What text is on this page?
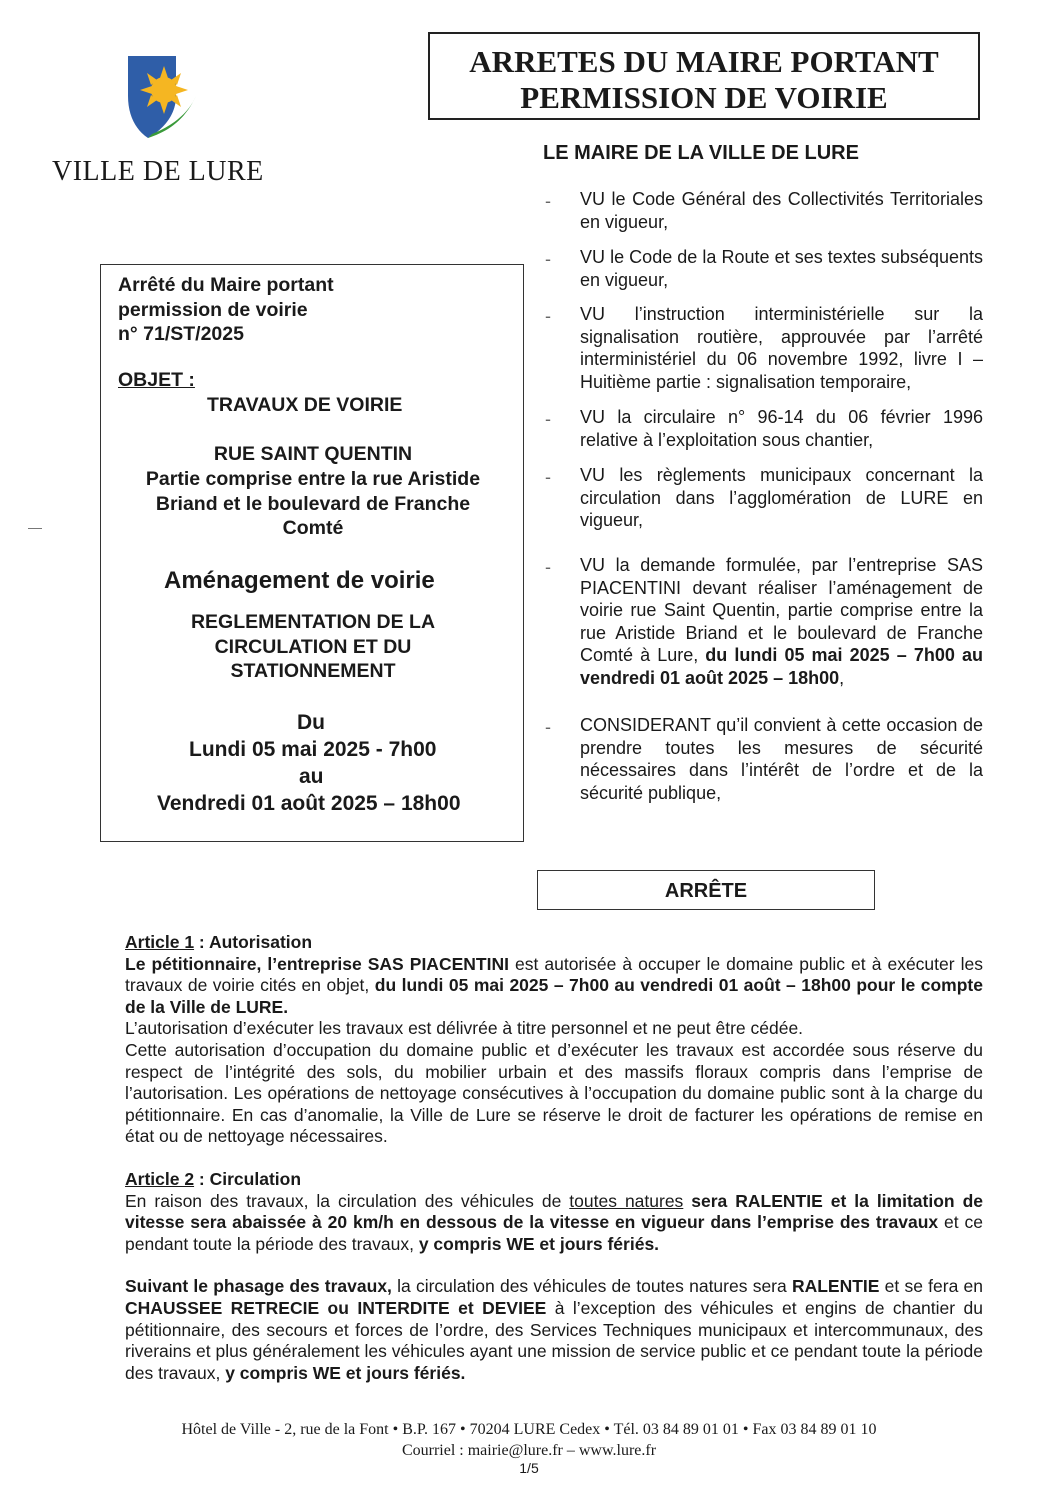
VILLE DE LURE
ARRETES DU MAIRE PORTANT
PERMISSION DE VOIRIE
LE MAIRE DE LA VILLE DE LURE
-	VU le Code Général des Collectivités Territoriales en vigueur,
-	VU le Code de la Route et ses textes subséquents en vigueur,
-	VU l’instruction interministérielle sur la signalisation routière, approuvée par l’arrêté interministériel du 06 novembre 1992, livre I – Huitième partie : signalisation temporaire,
-	VU la circulaire n° 96-14 du 06 février 1996 relative à l’exploitation sous chantier,
-	VU les règlements municipaux concernant la circulation dans l’agglomération de LURE en vigueur,
-	VU la demande formulée, par l’entreprise SAS PIACENTINI devant réaliser l’aménagement de voirie rue Saint Quentin, partie comprise entre la rue Aristide Briand et le boulevard de Franche Comté à Lure, du lundi 05 mai 2025 – 7h00 au vendredi 01 août 2025 – 18h00,
-	CONSIDERANT qu’il convient à cette occasion de prendre toutes les mesures de sécurité nécessaires dans l’intérêt de l’ordre et de la sécurité publique,
Arrêté du Maire portant
permission de voirie
n° 71/ST/2025
OBJET :
TRAVAUX DE VOIRIE
RUE SAINT QUENTIN
Partie comprise entre la rue Aristide
Briand et le boulevard de Franche
Comté
Aménagement de voirie
REGLEMENTATION DE LA
CIRCULATION ET DU
STATIONNEMENT
Du
Lundi 05 mai 2025 - 7h00
au
Vendredi 01 août 2025 – 18h00
ARRÊTE
Article 1 : Autorisation
Le pétitionnaire, l’entreprise SAS PIACENTINI est autorisée à occuper le domaine public et à exécuter les travaux de voirie cités en objet, du lundi 05 mai 2025 – 7h00 au vendredi 01 août – 18h00 pour le compte de la Ville de LURE.
L’autorisation d’exécuter les travaux est délivrée à titre personnel et ne peut être cédée.
Cette autorisation d’occupation du domaine public et d’exécuter les travaux est accordée sous réserve du respect de l’intégrité des sols, du mobilier urbain et des massifs floraux compris dans l’emprise de l’autorisation. Les opérations de nettoyage consécutives à l’occupation du domaine public sont à la charge du pétitionnaire. En cas d’anomalie, la Ville de Lure se réserve le droit de facturer les opérations de remise en état ou de nettoyage nécessaires.
Article 2 : Circulation
En raison des travaux, la circulation des véhicules de toutes natures sera RALENTIE et la limitation de vitesse sera abaissée à 20 km/h en dessous de la vitesse en vigueur dans l’emprise des travaux et ce pendant toute la période des travaux, y compris WE et jours fériés.
Suivant le phasage des travaux, la circulation des véhicules de toutes natures sera RALENTIE et se fera en CHAUSSEE RETRECIE ou INTERDITE et DEVIEE à l’exception des véhicules et engins de chantier du pétitionnaire, des secours et forces de l’ordre, des Services Techniques municipaux et intercommunaux, des riverains et plus généralement les véhicules ayant une mission de service public et ce pendant toute la période des travaux, y compris WE et jours fériés.
Hôtel de Ville - 2, rue de la Font • B.P. 167 • 70204 LURE Cedex • Tél. 03 84 89 01 01 • Fax 03 84 89 01 10
Courriel : mairie@lure.fr – www.lure.fr
1/5
